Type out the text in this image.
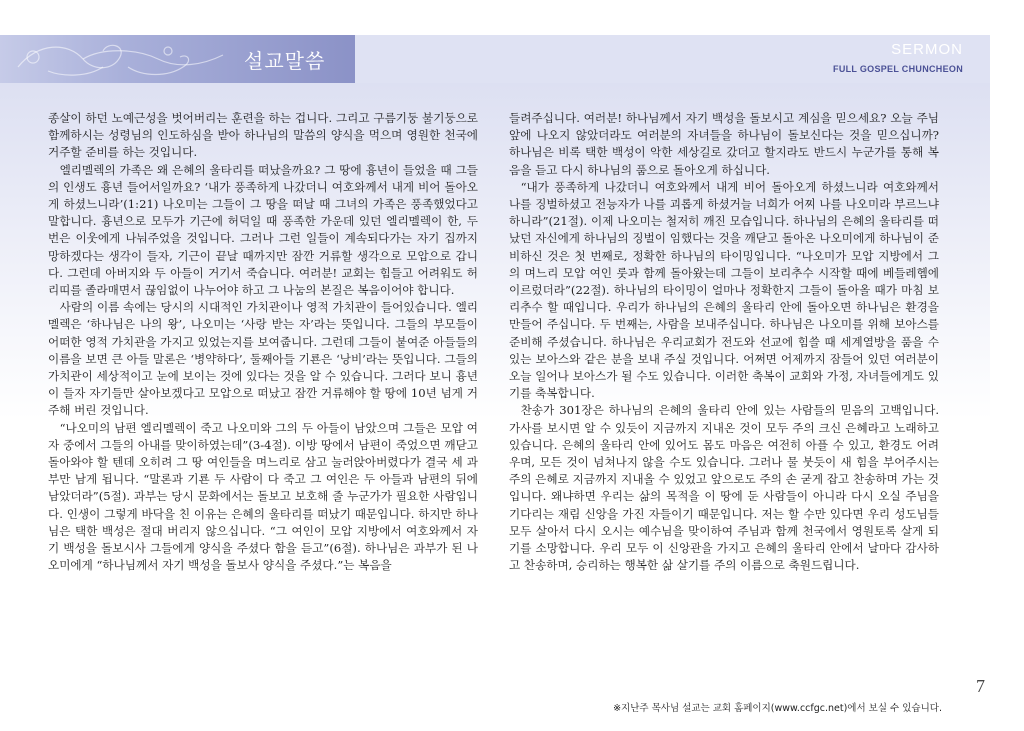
설교말씀	SERMON
FULL GOSPEL CHUNCHEON

종살이 하던 노예근성을 벗어버리는 훈련을 하는 겁니다. 그리고 구름기둥 불기둥으로 함께하시는 성령님의 인도하심을 받아 하나님의 말씀의 양식을 먹으며 영원한 천국에 거주할 준비를 하는 것입니다.

엘리멜렉의 가족은 왜 은혜의 울타리를 떠났을까요? 그 땅에 흉년이 들었을 때 그들의 인생도 흉년 들어서일까요? ‘내가 풍족하게 나갔더니 여호와께서 내게 비어 돌아오게 하셨느니라’(1:21) 나오미는 그들이 그 땅을 떠날 때 그녀의 가족은 풍족했었다고 말합니다. 흉년으로 모두가 기근에 허덕일 때 풍족한 가운데 있던 엘리멜렉이 한, 두 번은 이웃에게 나눠주었을 것입니다. 그러나 그런 일들이 계속되다가는 자기 집까지 망하겠다는 생각이 들자, 기근이 끝날 때까지만 잠깐 거류할 생각으로 모압으로 갑니다. 그런데 아버지와 두 아들이 거기서 죽습니다. 여러분! 교회는 힘들고 어려워도 허리띠를 졸라매면서 끊임없이 나누어야 하고 그 나눔의 본질은 복음이어야 합니다.

사람의 이름 속에는 당시의 시대적인 가치관이나 영적 가치관이 들어있습니다. 엘리멜렉은 ‘하나님은 나의 왕’, 나오미는 ‘사랑 받는 자’라는 뜻입니다. 그들의 부모들이 어떠한 영적 가치관을 가지고 있었는지를 보여줍니다. 그런데 그들이 붙여준 아들들의 이름을 보면 큰 아들 말론은 ‘병약하다’, 둘째아들 기룐은 ‘낭비’라는 뜻입니다. 그들의 가치관이 세상적이고 눈에 보이는 것에 있다는 것을 알 수 있습니다. 그러다 보니 흉년이 들자 자기들만 살아보겠다고 모압으로 떠났고 잠깐 거류해야 할 땅에 10년 넘게 거주해 버린 것입니다.

“나오미의 남편 엘리멜렉이 죽고 나오미와 그의 두 아들이 남았으며 그들은 모압 여자 중에서 그들의 아내를 맞이하였는데”(3-4절). 이방 땅에서 남편이 죽었으면 깨닫고 돌아와야 할 텐데 오히려 그 땅 여인들을 며느리로 삼고 눌러앉아버렸다가 결국 세 과부만 남게 됩니다. “말론과 기룐 두 사람이 다 죽고 그 여인은 두 아들과 남편의 뒤에 남았더라”(5절). 과부는 당시 문화에서는 돌보고 보호해 줄 누군가가 필요한 사람입니다. 인생이 그렇게 바닥을 친 이유는 은혜의 울타리를 떠났기 때문입니다. 하지만 하나님은 택한 백성은 절대 버리지 않으십니다. “그 여인이 모압 지방에서 여호와께서 자기 백성을 돌보시사 그들에게 양식을 주셨다 함을 듣고”(6절). 하나님은 과부가 된 나오미에게 “하나님께서 자기 백성을 돌보사 양식을 주셨다.”는 복음을

들려주십니다. 여러분! 하나님께서 자기 백성을 돌보시고 계심을 믿으세요? 오늘 주님 앞에 나오지 않았더라도 여러분의 자녀들을 하나님이 돌보신다는 것을 믿으십니까? 하나님은 비록 택한 백성이 악한 세상길로 갔더고 할지라도 반드시 누군가를 통해 복음을 듣고 다시 하나님의 품으로 돌아오게 하십니다.

“내가 풍족하게 나갔더니 여호와께서 내게 비어 돌아오게 하셨느니라 여호와께서 나를 징벌하셨고 전능자가 나를 괴롭게 하셨거늘 너희가 어찌 나를 나오미라 부르느냐 하니라”(21절). 이제 나오미는 철저히 깨진 모습입니다. 하나님의 은혜의 울타리를 떠났던 자신에게 하나님의 징벌이 임했다는 것을 깨닫고 돌아온 나오미에게 하나님이 준비하신 것은 첫 번째로, 정확한 하나님의 타이밍입니다. “나오미가 모압 지방에서 그의 며느리 모압 여인 룻과 함께 돌아왔는데 그들이 보리추수 시작할 때에 베들레헴에 이르렀더라”(22절). 하나님의 타이밍이 얼마나 정확한지 그들이 돌아올 때가 마침 보리추수 할 때입니다. 우리가 하나님의 은혜의 울타리 안에 돌아오면 하나님은 환경을 만들어 주십니다. 두 번째는, 사람을 보내주십니다. 하나님은 나오미를 위해 보아스를 준비해 주셨습니다. 하나님은 우리교회가 전도와 선교에 힘쓸 때 세계열방을 품을 수 있는 보아스와 같은 분을 보내 주실 것입니다. 어쩌면 어제까지 잠들어 있던 여러분이 오늘 일어나 보아스가 될 수도 있습니다. 이러한 축복이 교회와 가정, 자녀들에게도 있기를 축복합니다.

찬송가 301장은 하나님의 은혜의 울타리 안에 있는 사람들의 믿음의 고백입니다. 가사를 보시면 알 수 있듯이 지금까지 지내온 것이 모두 주의 크신 은혜라고 노래하고 있습니다. 은혜의 울타리 안에 있어도 몸도 마음은 여전히 아플 수 있고, 환경도 어려우며, 모든 것이 넘쳐나지 않을 수도 있습니다. 그러나 물 붓듯이 새 힘을 부어주시는 주의 은혜로 지금까지 지내올 수 있었고 앞으로도 주의 손 굳게 잡고 찬송하며 가는 것입니다. 왜냐하면 우리는 삶의 목적을 이 땅에 둔 사람들이 아니라 다시 오실 주님을 기다리는 재림 신앙을 가진 자들이기 때문입니다. 저는 할 수만 있다면 우리 성도님들 모두 살아서 다시 오시는 예수님을 맞이하여 주님과 함께 천국에서 영원토록 살게 되기를 소망합니다. 우리 모두 이 신앙관을 가지고 은혜의 울타리 안에서 날마다 감사하고 찬송하며, 승리하는 행복한 삶 살기를 주의 이름으로 축원드립니다.

7
※지난주 목사님 설교는 교회 홈페이지(www.ccfgc.net)에서 보실 수 있습니다.
